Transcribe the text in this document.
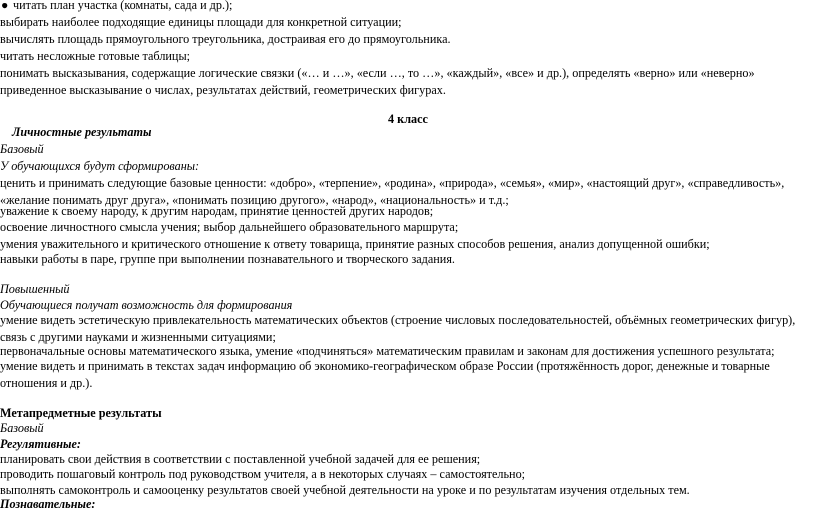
● читать план участка (комнаты, сада и др.);
выбирать наиболее подходящие единицы площади для конкретной ситуации;
вычислять площадь прямоугольного треугольника, достраивая его до прямоугольника.
читать несложные готовые таблицы;
понимать высказывания, содержащие логические связки («… и …», «если …, то …», «каждый», «все» и др.), определять «верно» или «неверно» приведенное высказывание о числах, результатах действий, геометрических фигурах.
4 класс
Личностные результаты
Базовый
У обучающихся будут сформированы:
ценить и принимать следующие базовые ценности: «добро», «терпение», «родина», «природа», «семья», «мир», «настоящий друг», «справедливость», «желание понимать друг друга», «понимать позицию другого», «народ», «национальность» и т.д.;
уважение к своему народу, к другим народам, принятие ценностей других народов;
освоение личностного смысла учения; выбор дальнейшего образовательного маршрута;
умения уважительного и критического отношение к ответу товарища, принятие разных способов решения, анализ допущенной ошибки;
навыки работы в паре, группе при выполнении познавательного и творческого задания.
Повышенный
Обучающиеся получат возможность для формирования
умение видеть эстетическую привлекательность математических объектов (строение числовых последовательностей, объёмных геометрических фигур), связь с другими науками и жизненными ситуациями;
первоначальные основы математического языка, умение «подчиняться» математическим правилам и законам для достижения успешного результата;
умение видеть и принимать в текстах задач информацию об экономико-географическом образе России (протяжённость дорог, денежные и товарные отношения и др.).
Метапредметные результаты
Базовый
Регулятивные:
планировать свои действия в соответствии с поставленной учебной задачей для ее решения;
проводить пошаговый контроль под руководством учителя, а в некоторых случаях – самостоятельно;
выполнять самоконтроль и самооценку результатов своей учебной деятельности на уроке и по результатам изучения отдельных тем.
Познавательные:
